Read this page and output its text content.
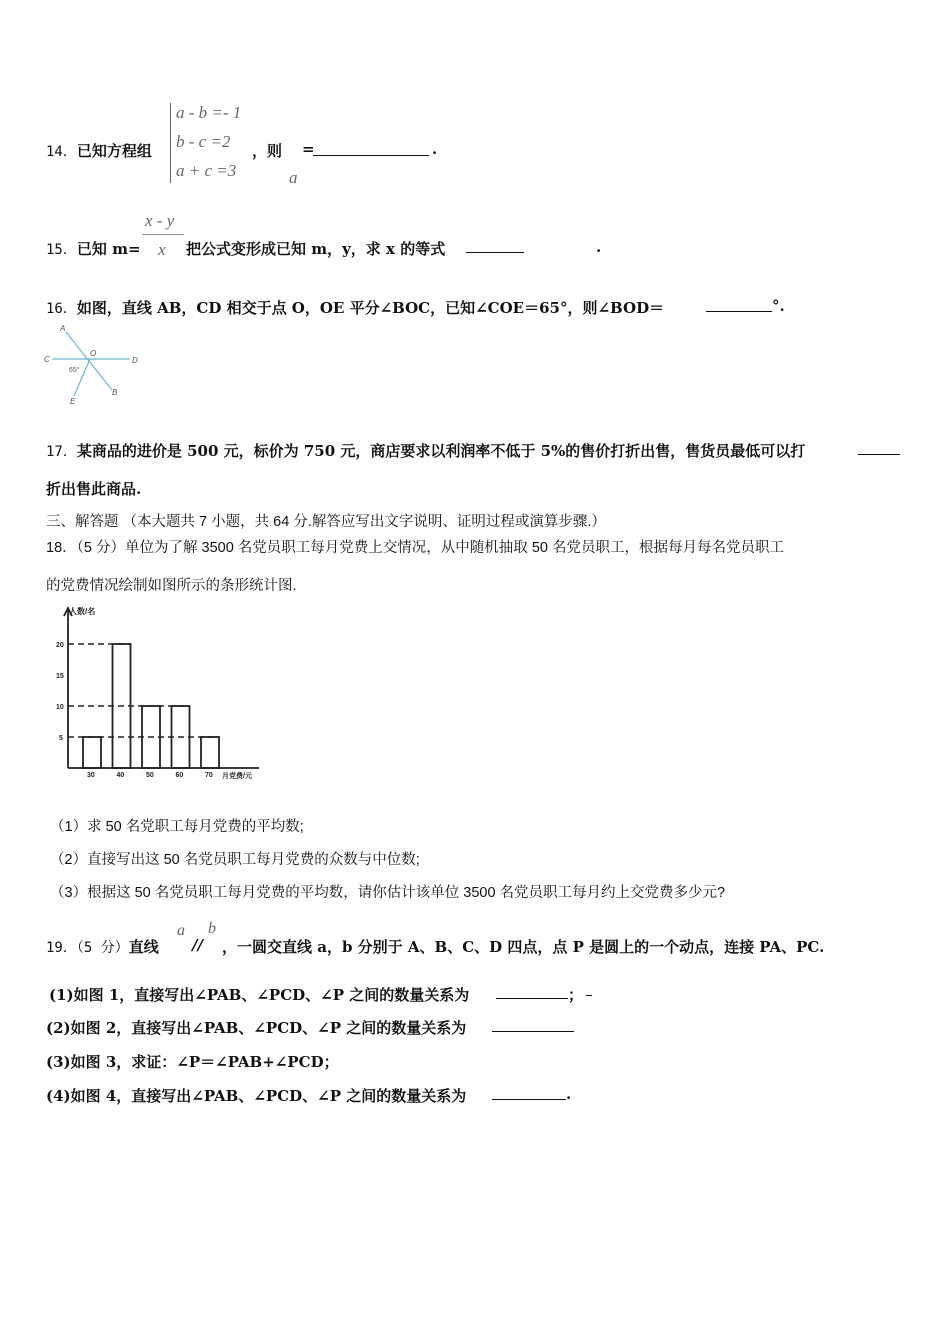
14．已知方程组
a - b =- 1
b - c =2
a + c =3
，则 =	.
a
15．已知 m=
x - y
x 把公式变形成已知 m，y，求 x 的等式	.
16．如图，直线 AB，CD 相交于点 O，OE 平分∠BOC，已知∠COE＝65°，则∠BOD＝	°.
A
C
O
D
65°
E
B
17．某商品的进价是 500 元，标价为 750 元，商店要求以利润率不低于 5%的售价打折出售，售货员最低可以打
折出售此商品.
三、解答题 （本大题共 7 小题，共 64 分.解答应写出文字说明、证明过程或演算步骤.）
18．（5 分）单位为了解 3500 名党员职工每月党费上交情况，从中随机抽取 50 名党员职工，根据每月每名党员职工
的党费情况绘制如图所示的条形统计图.
30	40	50	60	70
5
10
15
20
人数/名
月党费/元
（1）求 50 名党职工每月党费的平均数;
（2）直接写出这 50 名党员职工每月党费的众数与中位数;
（3）根据这 50 名党员职工每月党费的平均数，请你估计该单位 3500 名党员职工每月约上交党费多少元?
19．（5 分）直线
a
//
b
，一圆交直线 a，b 分别于 A、B、C、D 四点，点 P 是圆上的一个动点，连接 PA、PC.
(1)如图 1，直接写出∠PAB、∠PCD、∠P 之间的数量关系为	；
(2)如图 2，直接写出∠PAB、∠PCD、∠P 之间的数量关系为
(3)如图 3，求证：∠P＝∠PAB+∠PCD；
(4)如图 4，直接写出∠PAB、∠PCD、∠P 之间的数量关系为	.
